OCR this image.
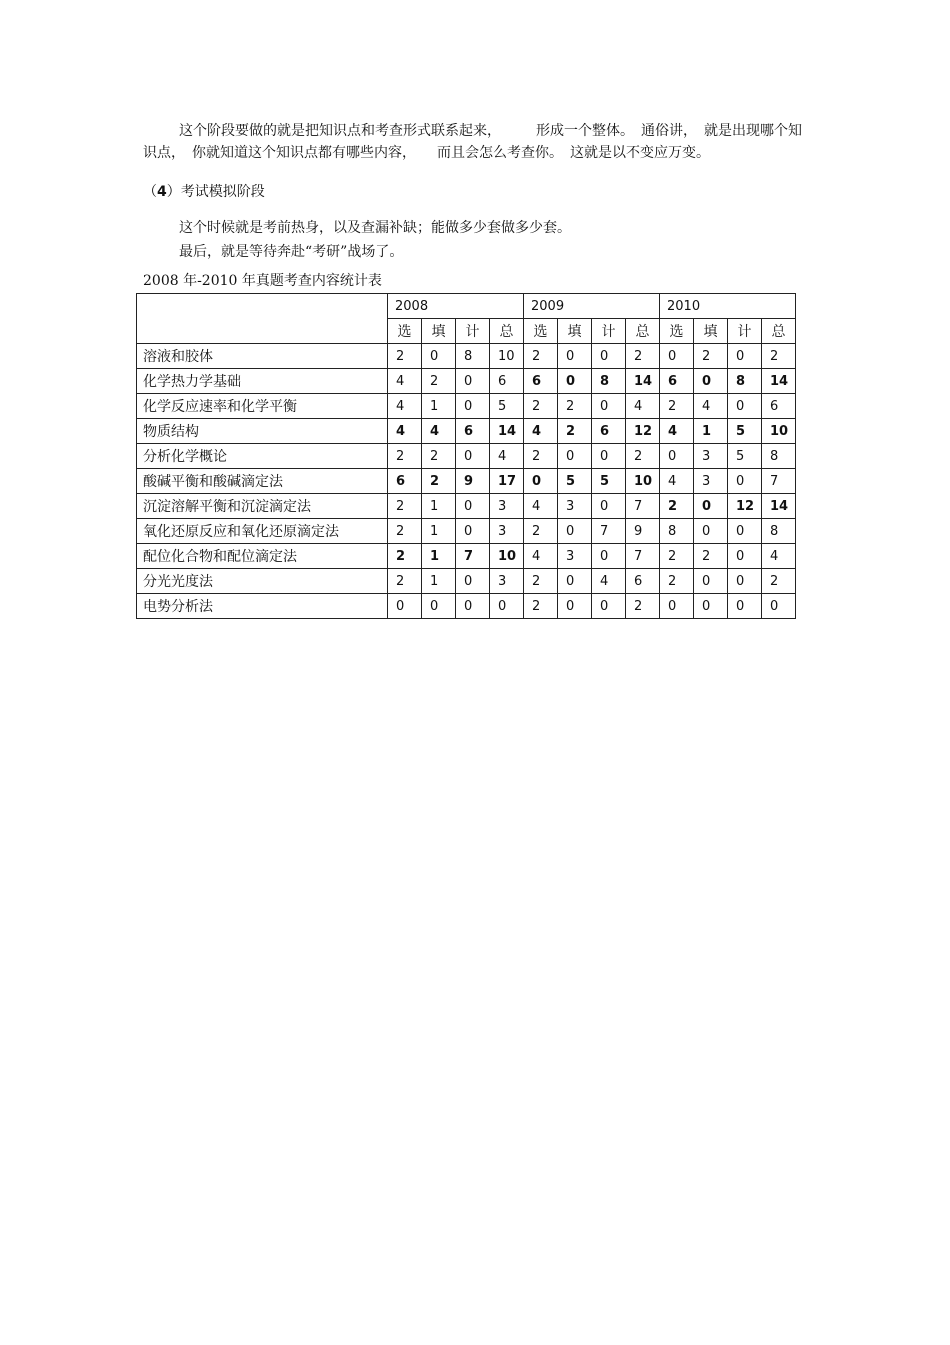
这个阶段要做的就是把知识点和考查形式联系起来，　　　形成一个整体。　通俗讲，　就是出现哪个知识点，　你就知道这个知识点都有哪些内容，　　而且会怎么考查你。　这就是以不变应万变。

（4）考试模拟阶段

这个时候就是考前热身，以及查漏补缺；能做多少套做多少套。

最后，就是等待奔赴“考研”战场了。

2008 年-2010 年真题考查内容统计表
	2008				2009				2010			
	选	填	计	总	选	填	计	总	选	填	计	总
溶液和胶体	2	0	8	10	2	0	0	2	0	2	0	2
化学热力学基础	4	2	0	6	6	0	8	14	6	0	8	14
化学反应速率和化学平衡	4	1	0	5	2	2	0	4	2	4	0	6
物质结构	4	4	6	14	4	2	6	12	4	1	5	10
分析化学概论	2	2	0	4	2	0	0	2	0	3	5	8
酸碱平衡和酸碱滴定法	6	2	9	17	0	5	5	10	4	3	0	7
沉淀溶解平衡和沉淀滴定法	2	1	0	3	4	3	0	7	2	0	12	14
氧化还原反应和氧化还原滴定法	2	1	0	3	2	0	7	9	8	0	0	8
配位化合物和配位滴定法	2	1	7	10	4	3	0	7	2	2	0	4
分光光度法	2	1	0	3	2	0	4	6	2	0	0	2
电势分析法	0	0	0	0	2	0	0	2	0	0	0	0
